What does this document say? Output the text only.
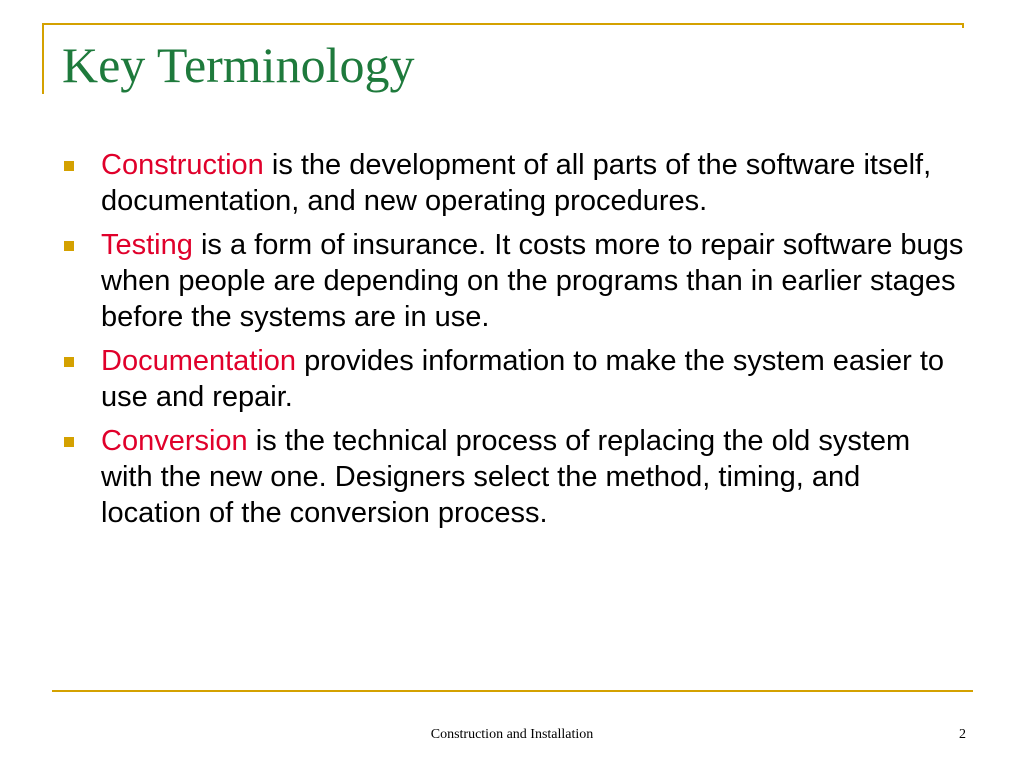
Key Terminology
Construction is the development of all parts of the software itself, documentation, and new operating procedures.
Testing is a form of insurance. It costs more to repair software bugs when people are depending on the programs than in earlier stages before the systems are in use.
Documentation provides information to make the system easier to use and repair.
Conversion is the technical process of replacing the old system with the new one. Designers select the method, timing, and location of the conversion process.
Construction and Installation	2
